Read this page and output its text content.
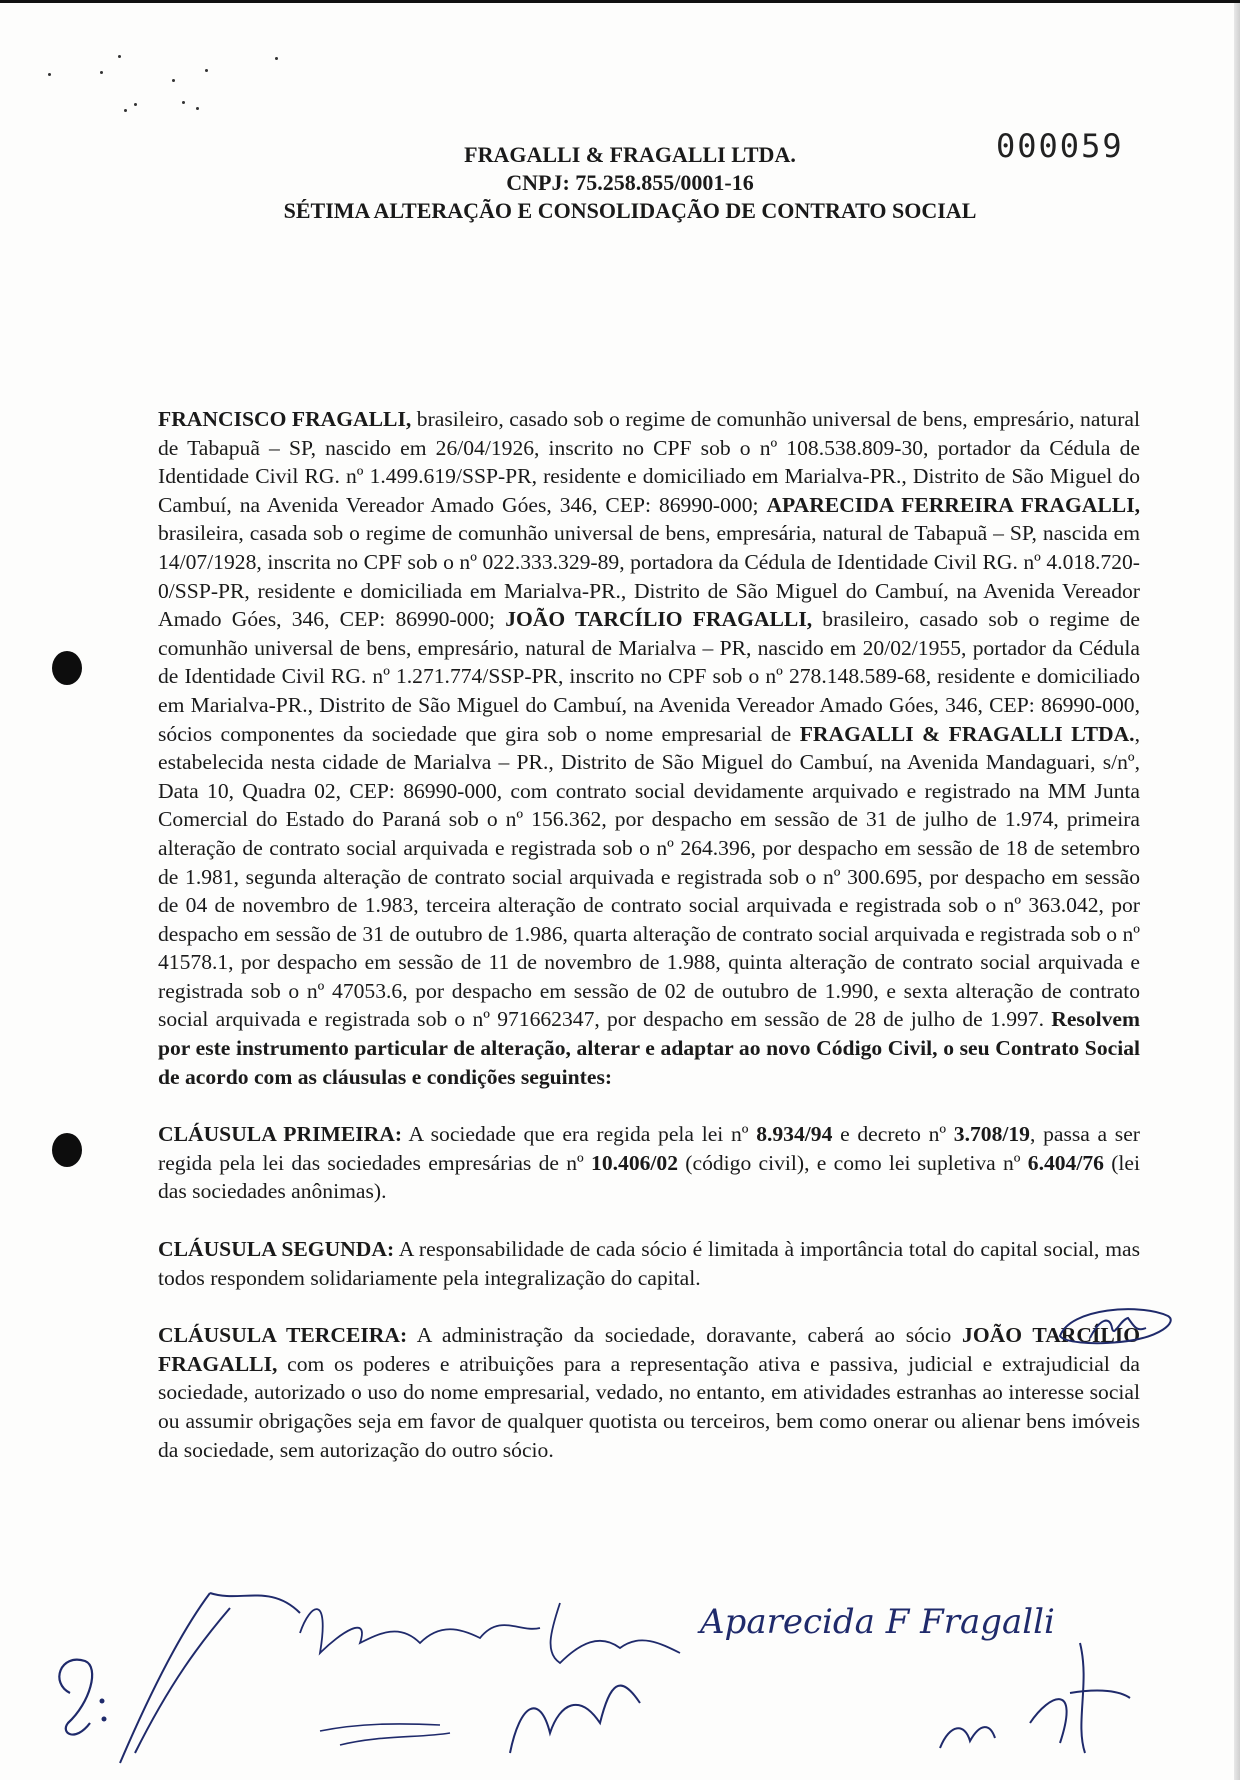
FRAGALLI & FRAGALLI LTDA.
CNPJ: 75.258.855/0001-16
SÉTIMA ALTERAÇÃO E CONSOLIDAÇÃO DE CONTRATO SOCIAL
000059

FRANCISCO FRAGALLI, brasileiro, casado sob o regime de comunhão universal de bens, empresário, natural de Tabapuã – SP, nascido em 26/04/1926, inscrito no CPF sob o nº 108.538.809-30, portador da Cédula de Identidade Civil RG. nº 1.499.619/SSP-PR, residente e domiciliado em Marialva-PR., Distrito de São Miguel do Cambuí, na Avenida Vereador Amado Góes, 346, CEP: 86990-000; APARECIDA FERREIRA FRAGALLI, brasileira, casada sob o regime de comunhão universal de bens, empresária, natural de Tabapuã – SP, nascida em 14/07/1928, inscrita no CPF sob o nº 022.333.329-89, portadora da Cédula de Identidade Civil RG. nº 4.018.720-0/SSP-PR, residente e domiciliada em Marialva-PR., Distrito de São Miguel do Cambuí, na Avenida Vereador Amado Góes, 346, CEP: 86990-000; JOÃO TARCÍLIO FRAGALLI, brasileiro, casado sob o regime de comunhão universal de bens, empresário, natural de Marialva – PR, nascido em 20/02/1955, portador da Cédula de Identidade Civil RG. nº 1.271.774/SSP-PR, inscrito no CPF sob o nº 278.148.589-68, residente e domiciliado em Marialva-PR., Distrito de São Miguel do Cambuí, na Avenida Vereador Amado Góes, 346, CEP: 86990-000, sócios componentes da sociedade que gira sob o nome empresarial de FRAGALLI & FRAGALLI LTDA., estabelecida nesta cidade de Marialva – PR., Distrito de São Miguel do Cambuí, na Avenida Mandaguari, s/nº, Data 10, Quadra 02, CEP: 86990-000, com contrato social devidamente arquivado e registrado na MM Junta Comercial do Estado do Paraná sob o nº 156.362, por despacho em sessão de 31 de julho de 1.974, primeira alteração de contrato social arquivada e registrada sob o nº 264.396, por despacho em sessão de 18 de setembro de 1.981, segunda alteração de contrato social arquivada e registrada sob o nº 300.695, por despacho em sessão de 04 de novembro de 1.983, terceira alteração de contrato social arquivada e registrada sob o nº 363.042, por despacho em sessão de 31 de outubro de 1.986, quarta alteração de contrato social arquivada e registrada sob o nº 41578.1, por despacho em sessão de 11 de novembro de 1.988, quinta alteração de contrato social arquivada e registrada sob o nº 47053.6, por despacho em sessão de 02 de outubro de 1.990, e sexta alteração de contrato social arquivada e registrada sob o nº 971662347, por despacho em sessão de 28 de julho de 1.997. Resolvem por este instrumento particular de alteração, alterar e adaptar ao novo Código Civil, o seu Contrato Social de acordo com as cláusulas e condições seguintes:

CLÁUSULA PRIMEIRA: A sociedade que era regida pela lei nº 8.934/94 e decreto nº 3.708/19, passa a ser regida pela lei das sociedades empresárias de nº 10.406/02 (código civil), e como lei supletiva nº 6.404/76 (lei das sociedades anônimas).

CLÁUSULA SEGUNDA: A responsabilidade de cada sócio é limitada à importância total do capital social, mas todos respondem solidariamente pela integralização do capital.

CLÁUSULA TERCEIRA: A administração da sociedade, doravante, caberá ao sócio JOÃO TARCÍLIO FRAGALLI, com os poderes e atribuições para a representação ativa e passiva, judicial e extrajudicial da sociedade, autorizado o uso do nome empresarial, vedado, no entanto, em atividades estranhas ao interesse social ou assumir obrigações seja em favor de qualquer quotista ou terceiros, bem como onerar ou alienar bens imóveis da sociedade, sem autorização do outro sócio.

Aparecida F Fragalli
